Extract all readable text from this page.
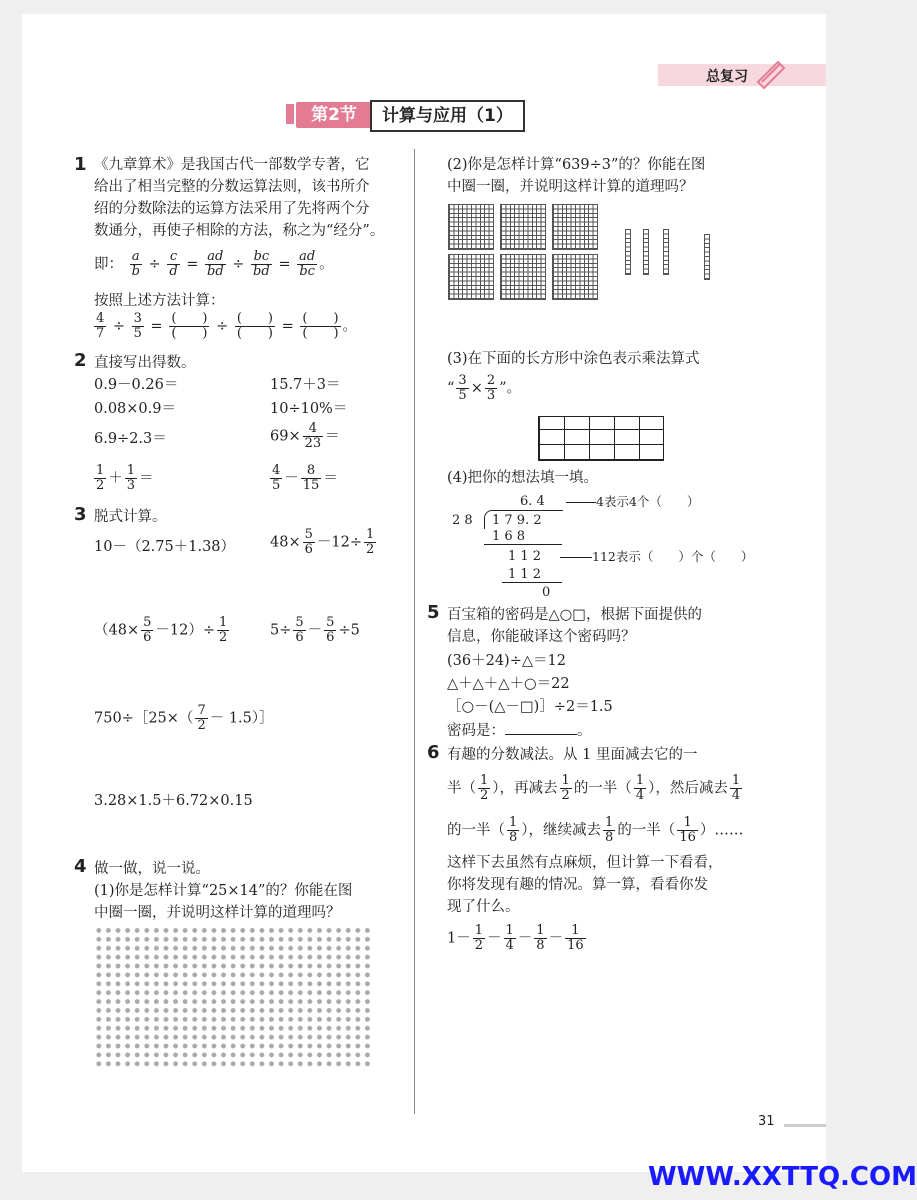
总复习
第2节	计算与应用（1）
1 《九章算术》是我国古代一部数学专著，它
给出了相当完整的分数运算法则，该书所介
绍的分数除法的运算方法采用了先将两个分
数通分，再使子相除的方法，称之为“经分”。
即： $\frac{a}{b} \div \frac{c}{d} = \frac{ad}{bd} \div \frac{bc}{bd} = \frac{ad}{bc}$ 。
按照上述方法计算：
$\frac{4}{7} \div \frac{3}{5} = \frac{( )}{( )} \div \frac{( )}{( )} = \frac{( )}{( )}$ 。
2 直接写出得数。
0.9－0.26＝	15.7＋3＝
0.08×0.9＝	10÷10%＝
6.9÷2.3＝	$69\times \frac{4}{23}$ ＝
$\frac{1}{2} + \frac{1}{3}$ ＝	$\frac{4}{5} - \frac{8}{15}$ ＝
3 脱式计算。
10－（2.75＋1.38） $48\times \frac{5}{6} -12\div \frac{1}{2}$
$(48\times \frac{5}{6} -12)\div \frac{1}{2}$	$5\div \frac{5}{6} - \frac{5}{6} \div 5$
750÷［25×（ $\frac{7}{2}$ － 1.5）］
3.28×1.5＋6.72×0.15
4 做一做，说一说。
(1)你是怎样计算“25×14”的？你能在图
中圈一圈，并说明这样计算的道理吗？
(2)你是怎样计算“639÷3”的？你能在图
中圈一圈，并说明这样计算的道理吗？
(3)在下面的长方形中涂色表示乘法算式
“ $\frac{3}{5} \times \frac{2}{3}$ ”。
(4)把你的想法填一填。
6. 4	4表示4个（　　）
2 8 1 7 9. 2
1 6 8
1 1 2	112表示（　　）个（　　）
1 1 2
0
5 百宝箱的密码是△○□，根据下面提供的
信息，你能破译这个密码吗？
(36＋24)÷△＝12
△＋△＋△＋○＝22
［○－(△－□)］÷2＝1.5
密码是：	。
6 有趣的分数减法。从 1 里面减去它的一
半（ $\frac{1}{2}$ ），再减去 $\frac{1}{2}$ 的一半（ $\frac{1}{4}$ ），然后减去 $\frac{1}{4}$
的一半（ $\frac{1}{8}$ ），继续减去 $\frac{1}{8}$ 的一半（ $\frac{1}{16}$ ）……
这样下去虽然有点麻烦，但计算一下看看，
你将发现有趣的情况。算一算，看看你发
现了什么。
$1- \frac{1}{2} - \frac{1}{4} - \frac{1}{8} - \frac{1}{16}$
31
WWW.XXTTQ.COM
